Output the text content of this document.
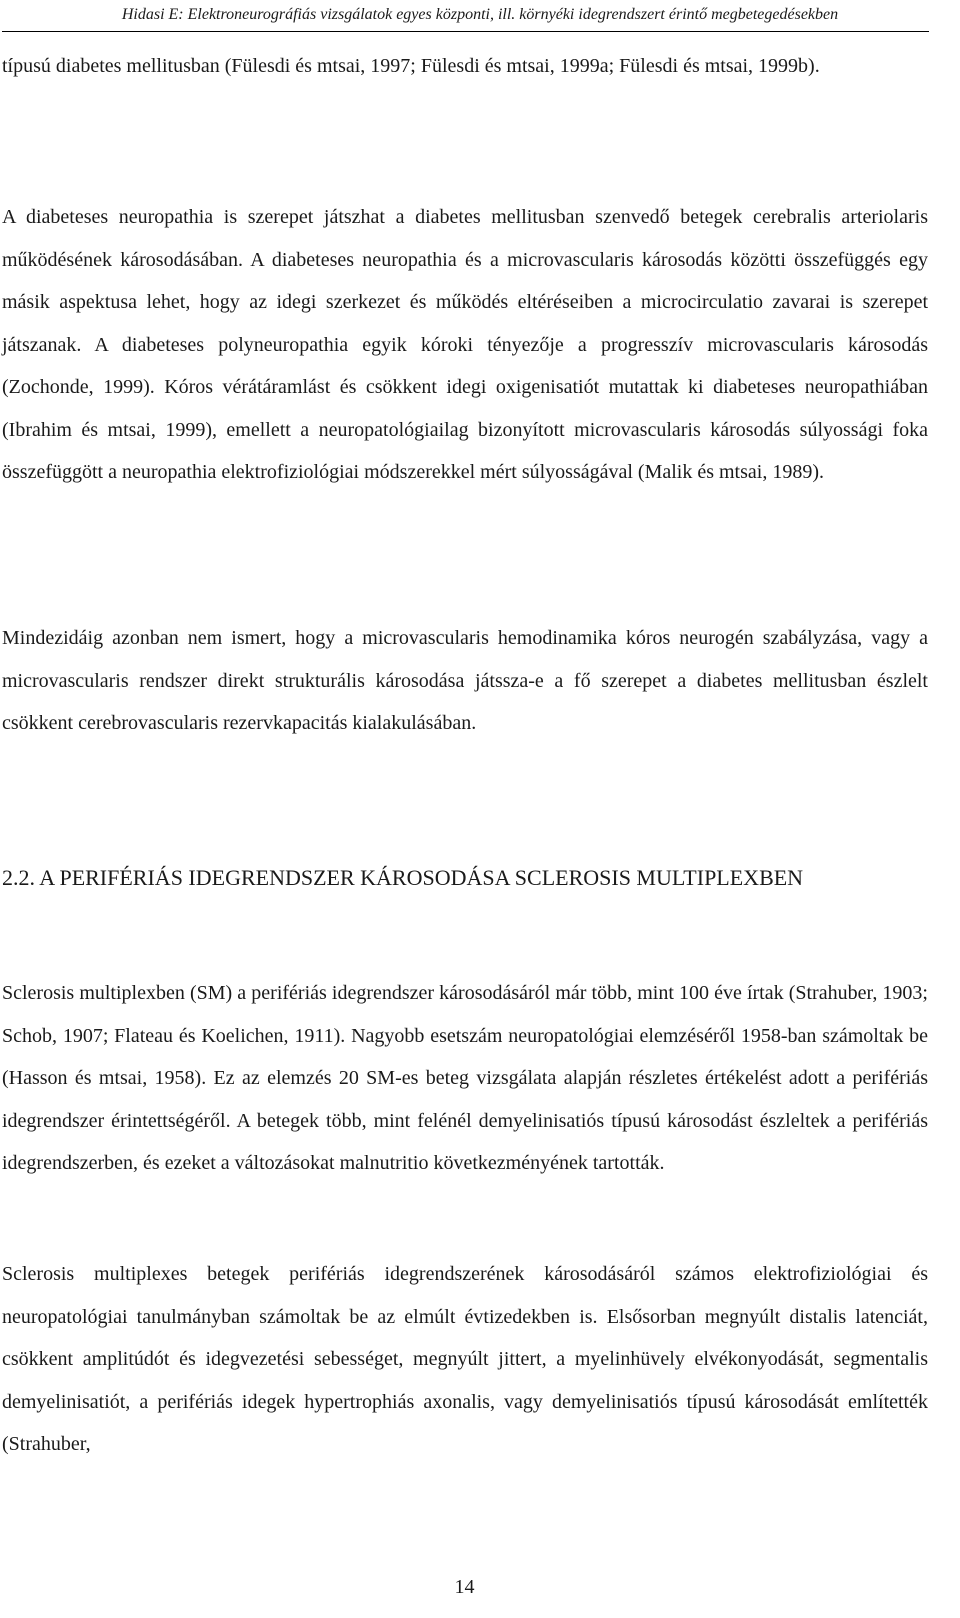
Hidasi E: Elektroneurográfiás vizsgálatok egyes központi, ill. környéki idegrendszert érintő megbetegedésekben

típusú diabetes mellitusban (Fülesdi és mtsai, 1997; Fülesdi és mtsai, 1999a; Fülesdi és mtsai, 1999b).

A diabeteses neuropathia is szerepet játszhat a diabetes mellitusban szenvedő betegek cerebralis arteriolaris működésének károsodásában. A diabeteses neuropathia és a microvascularis károsodás közötti összefüggés egy másik aspektusa lehet, hogy az idegi szerkezet és működés eltéréseiben a microcirculatio zavarai is szerepet játszanak. A diabeteses polyneuropathia egyik kóroki tényezője a progresszív microvascularis károsodás (Zochonde, 1999). Kóros vérátáramlást és csökkent idegi oxigenisatiót mutattak ki diabeteses neuropathiában (Ibrahim és mtsai, 1999), emellett a neuropatológiailag bizonyított microvascularis károsodás súlyossági foka összefüggött a neuropathia elektrofiziológiai módszerekkel mért súlyosságával (Malik és mtsai, 1989).

Mindezidáig azonban nem ismert, hogy a microvascularis hemodinamika kóros neurogén szabályzása, vagy a microvascularis rendszer direkt strukturális károsodása játssza-e a fő szerepet a diabetes mellitusban észlelt csökkent cerebrovascularis rezervkapacitás kialakulásában.

2.2. A PERIFÉRIÁS IDEGRENDSZER KÁROSODÁSA SCLEROSIS MULTIPLEXBEN

Sclerosis multiplexben (SM) a perifériás idegrendszer károsodásáról már több, mint 100 éve írtak (Strahuber, 1903; Schob, 1907; Flateau és Koelichen, 1911). Nagyobb esetszám neuropatológiai elemzéséről 1958-ban számoltak be (Hasson és mtsai, 1958). Ez az elemzés 20 SM-es beteg vizsgálata alapján részletes értékelést adott a perifériás idegrendszer érintettségéről. A betegek több, mint felénél demyelinisatiós típusú károsodást észleltek a perifériás idegrendszerben, és ezeket a változásokat malnutritio következményének tartották.

Sclerosis multiplexes betegek perifériás idegrendszerének károsodásáról számos elektrofiziológiai és neuropatológiai tanulmányban számoltak be az elmúlt évtizedekben is. Elsősorban megnyúlt distalis latenciát, csökkent amplitúdót és idegvezetési sebességet, megnyúlt jittert, a myelinhüvely elvékonyodását, segmentalis demyelinisatiót, a perifériás idegek hypertrophiás axonalis, vagy demyelinisatiós típusú károsodását említették (Strahuber,

14
